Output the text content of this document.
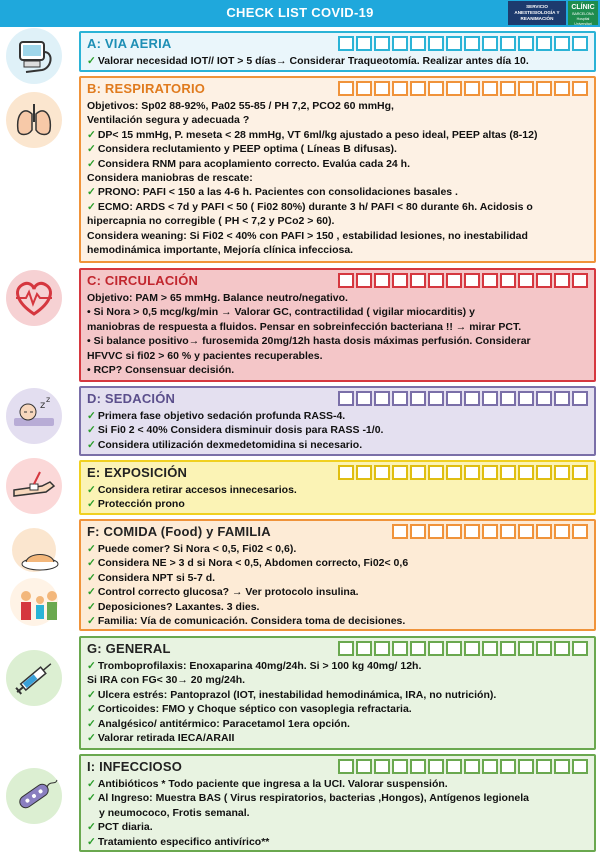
CHECK LIST COVID-19	SERVICIO ANESTESIOLOGÍA Y REANIMACIÓN
CLÍNIC
BARCELONA Hospital Universitari
z
z
A: VIA AERIA
✓ Valorar necesidad IOT// IOT > 5 días→ Considerar Traqueotomía. Realizar antes día 10.
B: RESPIRATORIO
Objetivos: Sp02 88-92%, Pa02 55-85 / PH 7,2, PCO2 60 mmHg,
Ventilación segura y adecuada ?
✓ DP< 15 mmHg, P. meseta < 28 mmHg, VT 6ml/kg ajustado a peso ideal, PEEP altas (8-12)
✓ Considera reclutamiento y PEEP optima ( Líneas B difusas).
✓ Considera RNM para acoplamiento correcto. Evalúa cada 24 h.
Considera maniobras de rescate:
✓ PRONO: PAFI < 150 a las 4-6 h. Pacientes con consolidaciones basales .
✓ ECMO: ARDS < 7d y PAFI < 50 ( Fi02 80%) durante 3 h/ PAFI < 80 durante 6h. Acidosis o
hipercapnia no corregible ( PH < 7,2 y PCo2 > 60).
Considera weaning: Si Fi02 < 40% con PAFI > 150 , estabilidad lesiones, no inestabilidad
hemodinámica importante, Mejoría clínica infecciosa.
C: CIRCULACIÓN
Objetivo: PAM > 65 mmHg. Balance neutro/negativo.
• Si Nora > 0,5 mcg/kg/min → Valorar GC, contractilidad ( vigilar miocarditis) y
maniobras de respuesta a fluidos. Pensar en sobreinfección bacteriana !! → mirar PCT.
• Si balance positivo→ furosemida 20mg/12h hasta dosis máximas perfusión. Considerar
HFVVC si fi02 > 60 % y pacientes recuperables.
• RCP? Consensuar decisión.
D: SEDACIÓN
✓ Primera fase objetivo sedación profunda RASS-4.
✓ Si Fi0 2 < 40% Considera disminuir dosis para RASS -1/0.
✓ Considera utilización dexmedetomidina si necesario.
E: EXPOSICIÓN
✓ Considera retirar accesos innecesarios.
✓ Protección prono
F: COMIDA (Food) y FAMILIA
✓ Puede comer? Si Nora < 0,5, Fi02 < 0,6).
✓ Considera NE > 3 d si Nora < 0,5, Abdomen correcto, Fi02< 0,6
✓ Considera NPT si 5-7 d.
✓ Control correcto glucosa? → Ver protocolo insulina.
✓ Deposiciones? Laxantes. 3 dies.
✓ Familia: Vía de comunicación. Considera toma de decisiones.
G: GENERAL
✓ Tromboprofilaxis: Enoxaparina 40mg/24h. Si > 100 kg 40mg/ 12h.
Si IRA con FG< 30→ 20 mg/24h.
✓ Ulcera estrés: Pantoprazol (IOT, inestabilidad hemodinámica, IRA, no nutrición).
✓ Corticoides: FMO y Choque séptico con vasoplegia refractaria.
✓ Analgésico/ antitérmico: Paracetamol 1era opción.
✓ Valorar retirada IECA/ARAII
I: INFECCIOSO
✓ Antibióticos * Todo paciente que ingresa a la UCI. Valorar suspensión.
✓ Al Ingreso: Muestra BAS ( Virus respiratorios, bacterias ,Hongos), Antígenos legionela
y neumococo, Frotis semanal.
✓ PCT diaria.
✓ Tratamiento especifico antivírico**
